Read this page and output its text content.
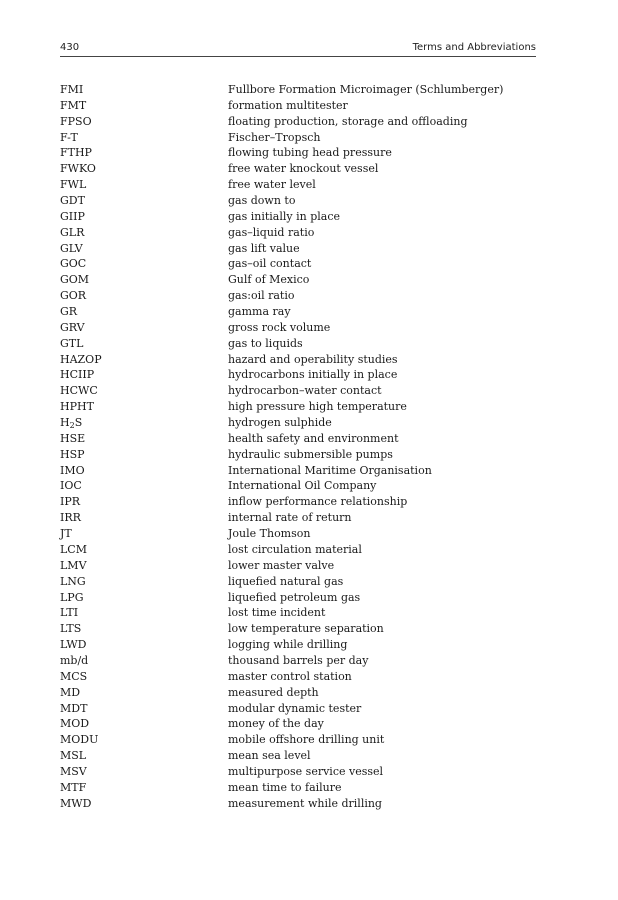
430	Terms and Abbreviations
FMI	Fullbore Formation Microimager (Schlumberger)
FMT	formation multitester
FPSO	floating production, storage and offloading
F-T	Fischer–Tropsch
FTHP	flowing tubing head pressure
FWKO	free water knockout vessel
FWL	free water level
GDT	gas down to
GIIP	gas initially in place
GLR	gas–liquid ratio
GLV	gas lift value
GOC	gas–oil contact
GOM	Gulf of Mexico
GOR	gas:oil ratio
GR	gamma ray
GRV	gross rock volume
GTL	gas to liquids
HAZOP	hazard and operability studies
HCIIP	hydrocarbons initially in place
HCWC	hydrocarbon–water contact
HPHT	high pressure high temperature
$H_2S$	hydrogen sulphide
HSE	health safety and environment
HSP	hydraulic submersible pumps
IMO	International Maritime Organisation
IOC	International Oil Company
IPR	inflow performance relationship
IRR	internal rate of return
JT	Joule Thomson
LCM	lost circulation material
LMV	lower master valve
LNG	liquefied natural gas
LPG	liquefied petroleum gas
LTI	lost time incident
LTS	low temperature separation
LWD	logging while drilling
mb/d	thousand barrels per day
MCS	master control station
MD	measured depth
MDT	modular dynamic tester
MOD	money of the day
MODU	mobile offshore drilling unit
MSL	mean sea level
MSV	multipurpose service vessel
MTF	mean time to failure
MWD	measurement while drilling
